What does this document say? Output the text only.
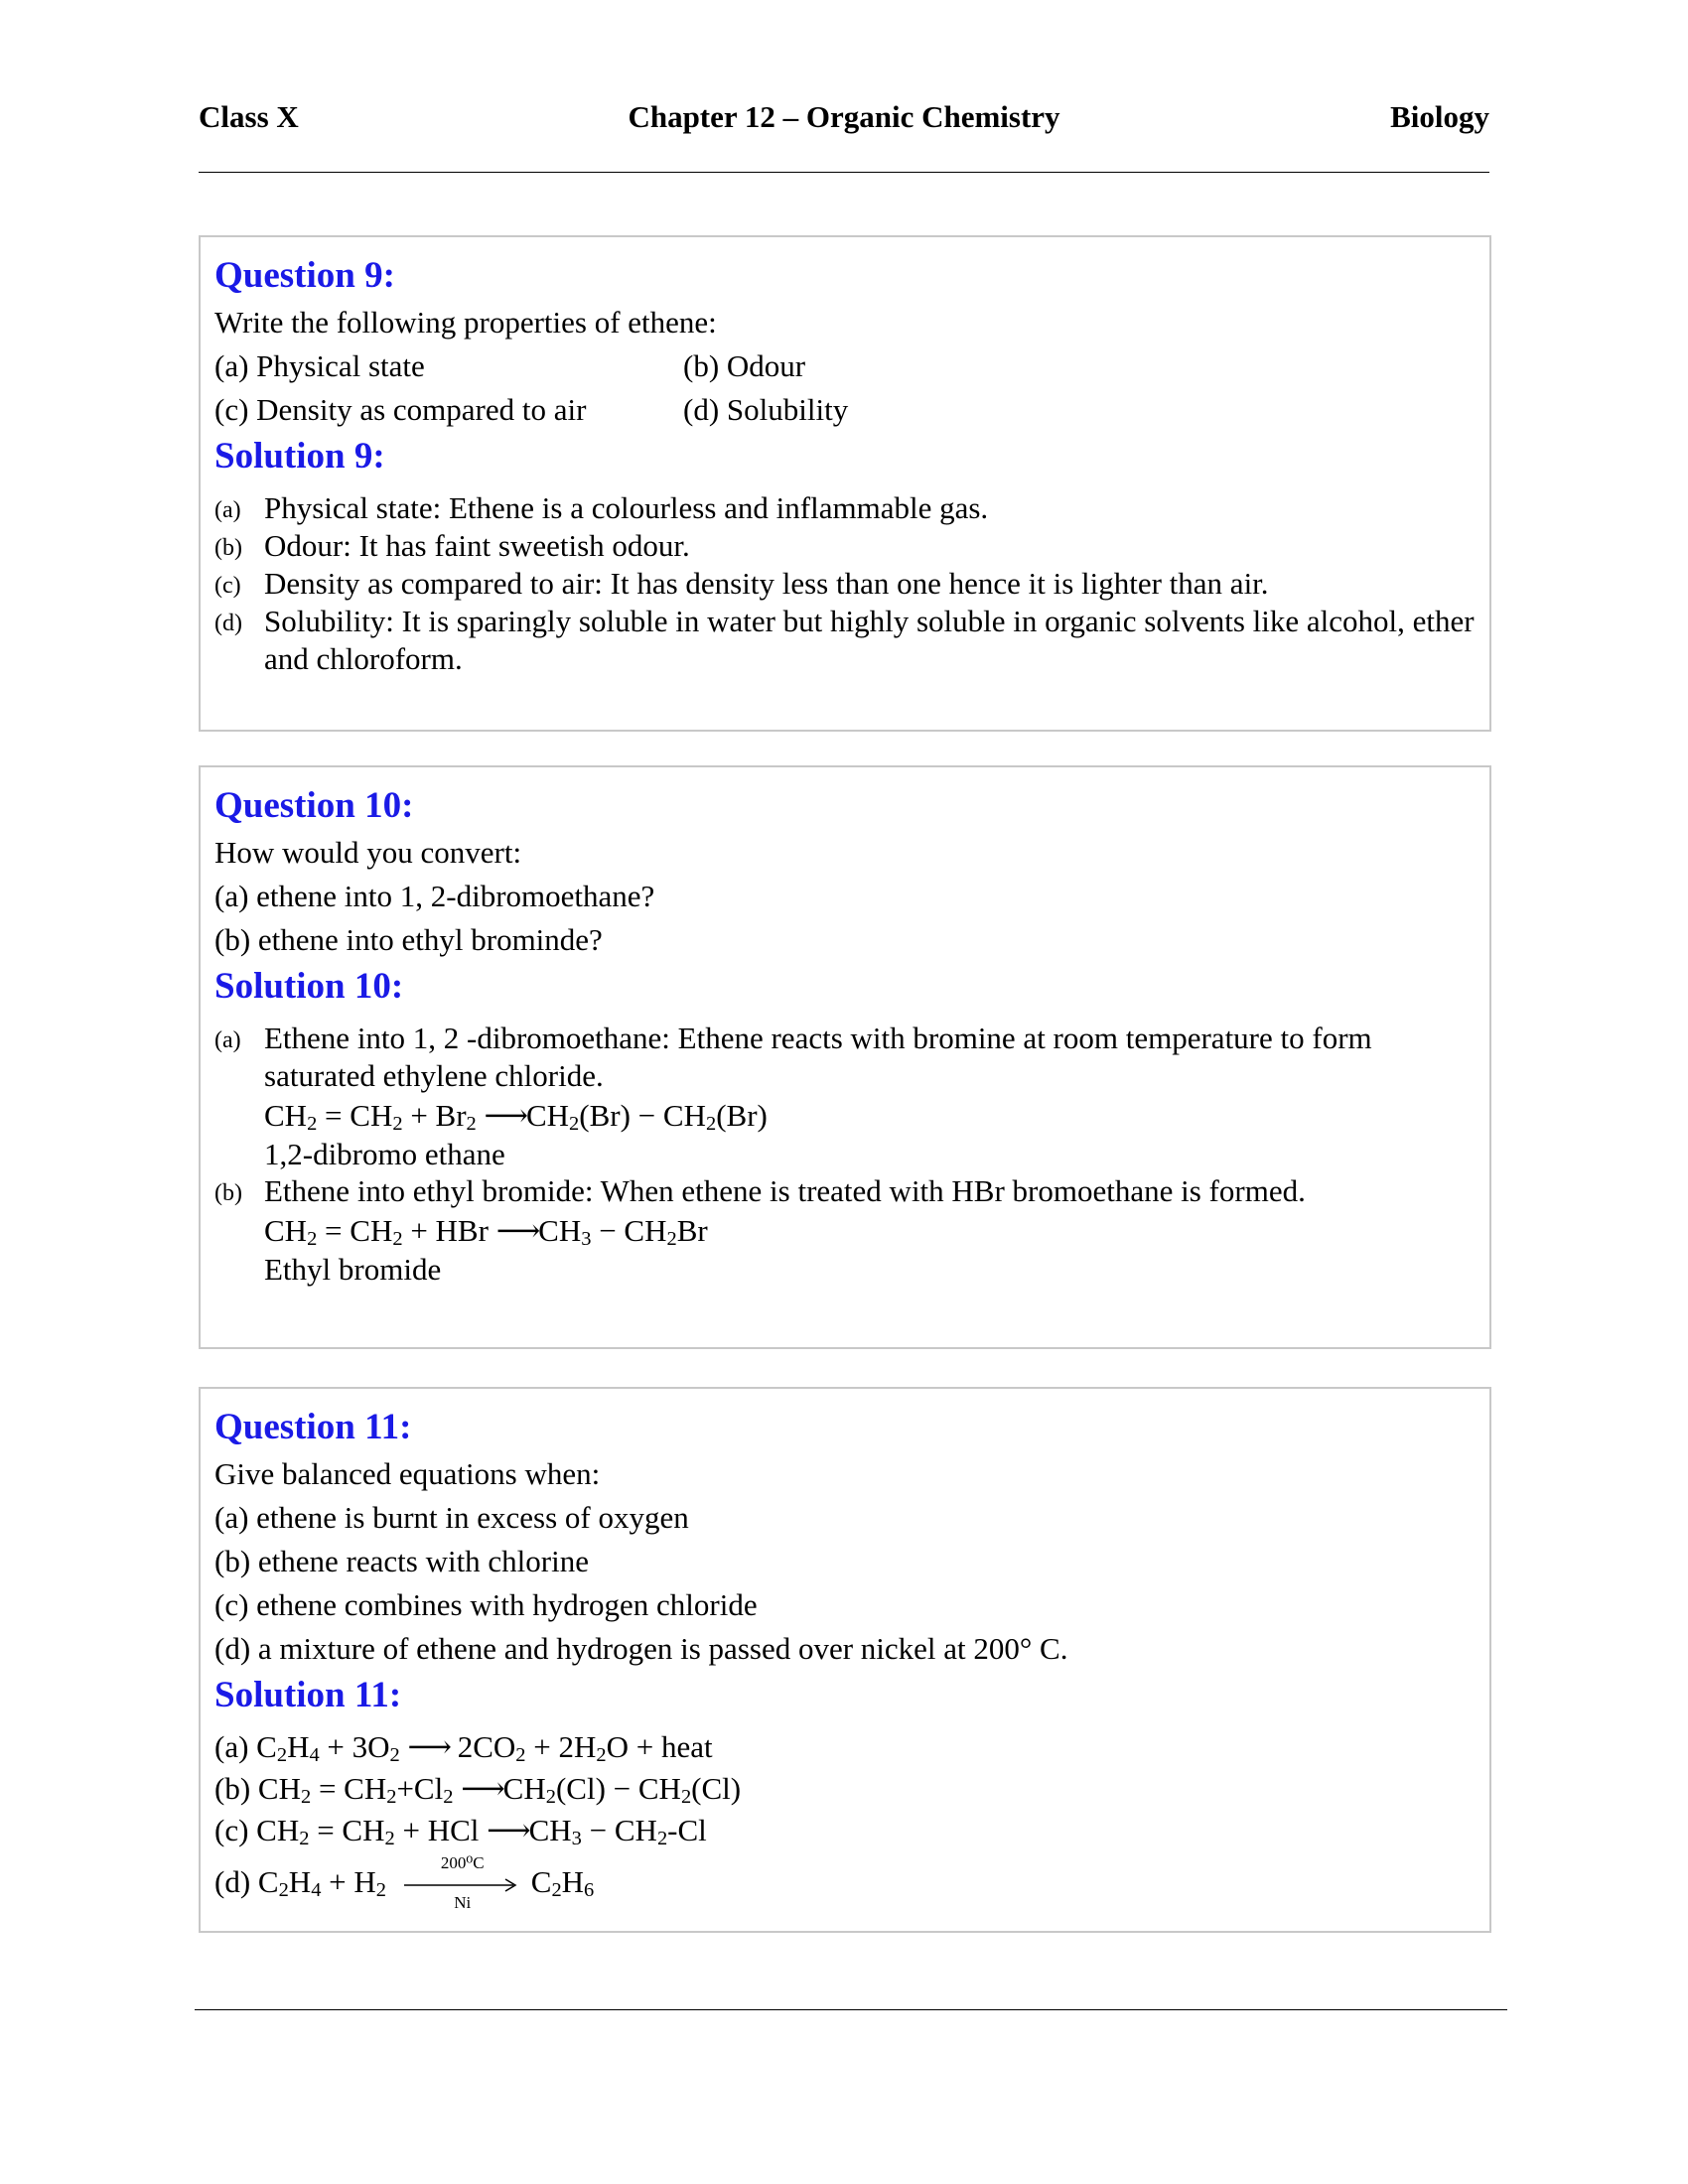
Class X	Chapter 12 – Organic Chemistry	Biology
Question 9:
Write the following properties of ethene:
(a) Physical state	(b) Odour
(c) Density as compared to air	(d) Solubility
Solution 9:
(a) Physical state: Ethene is a colourless and inflammable gas.
(b) Odour: It has faint sweetish odour.
(c) Density as compared to air: It has density less than one hence it is lighter than air.
(d) Solubility: It is sparingly soluble in water but highly soluble in organic solvents like alcohol, ether and chloroform.
Question 10:
How would you convert:
(a) ethene into 1, 2-dibromoethane?
(b) ethene into ethyl brominde?
Solution 10:
(a) Ethene into 1, 2 -dibromoethane: Ethene reacts with bromine at room temperature to form saturated ethylene chloride.
$CH_2 = CH_2 + Br_2$ $⟶CH_2(Br) - CH_2(Br)$
1,2-dibromo ethane
(b) Ethene into ethyl bromide: When ethene is treated with HBr bromoethane is formed.
$CH_2 = CH_2$ + HBr $⟶CH_3 - CH_2Br$
Ethyl bromide
Question 11:
Give balanced equations when:
(a) ethene is burnt in excess of oxygen
(b) ethene reacts with chlorine
(c) ethene combines with hydrogen chloride
(d) a mixture of ethene and hydrogen is passed over nickel at 200° C.
Solution 11:
(a) $C_2H_4 + 3O_2$ ⟶ $2CO_2 + 2H_2O$ + heat
(b) $CH_2 = CH_2+Cl_2$ $⟶CH_2(Cl) - CH_2(Cl)$
(c) $CH_2 = CH_2$ + HCl $⟶CH_3 - CH_2-Cl$
(d) $C_2H_4 + H_2$
200⁰C
Ni
$C_2H_6$
